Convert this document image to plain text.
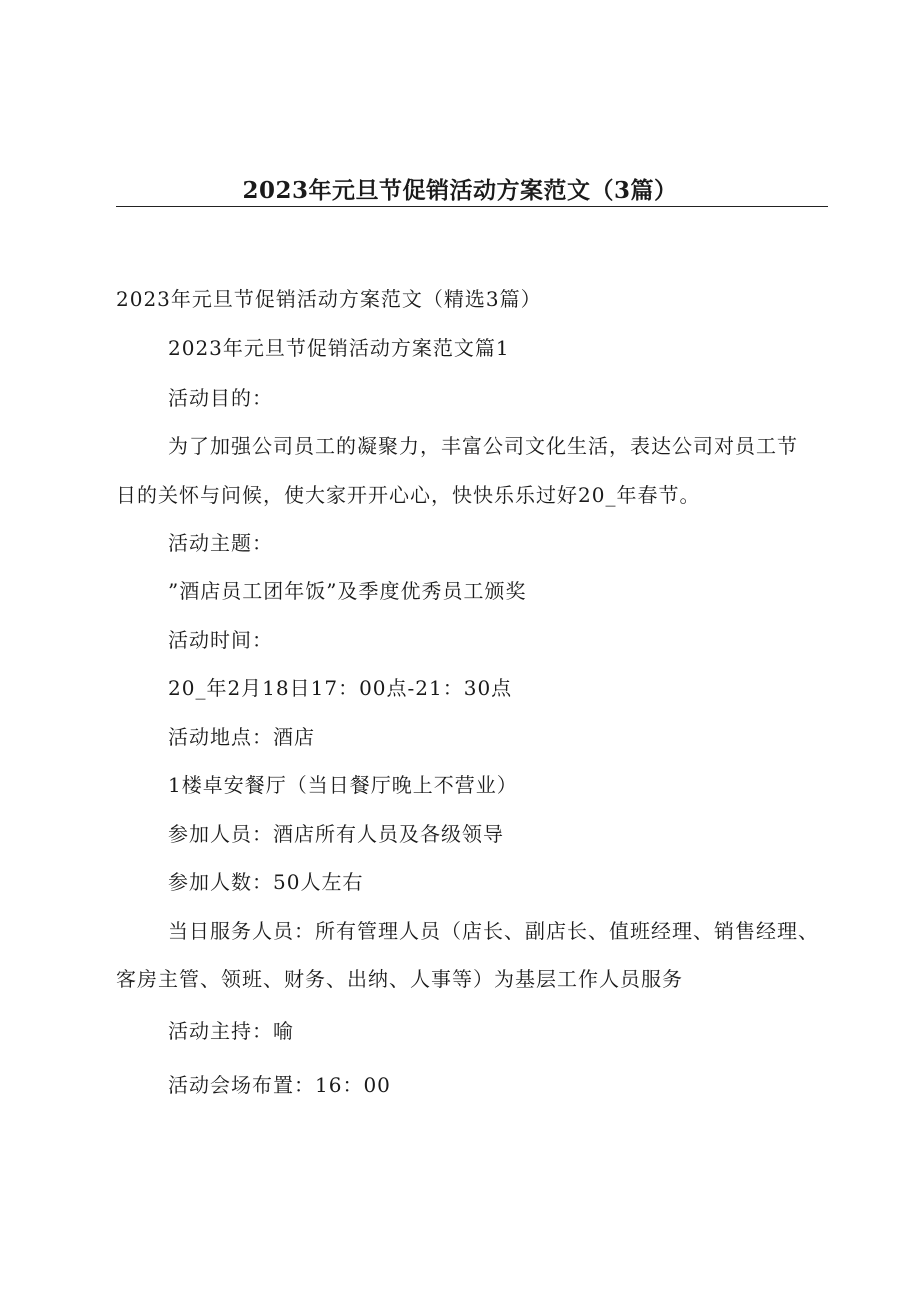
2023年元旦节促销活动方案范文（3篇）
2023年元旦节促销活动方案范文（精选3篇）
2023年元旦节促销活动方案范文篇1
活动目的：
为了加强公司员工的凝聚力，丰富公司文化生活，表达公司对员工节
日的关怀与问候，使大家开开心心，快快乐乐过好20_年春节。
活动主题：
”酒店员工团年饭”及季度优秀员工颁奖
活动时间：
20_年2月18日17：00点-21：30点
活动地点：酒店
1楼卓安餐厅（当日餐厅晚上不营业）
参加人员：酒店所有人员及各级领导
参加人数：50人左右
当日服务人员：所有管理人员（店长、副店长、值班经理、销售经理、
客房主管、领班、财务、出纳、人事等）为基层工作人员服务
活动主持：喻
活动会场布置：16：00
